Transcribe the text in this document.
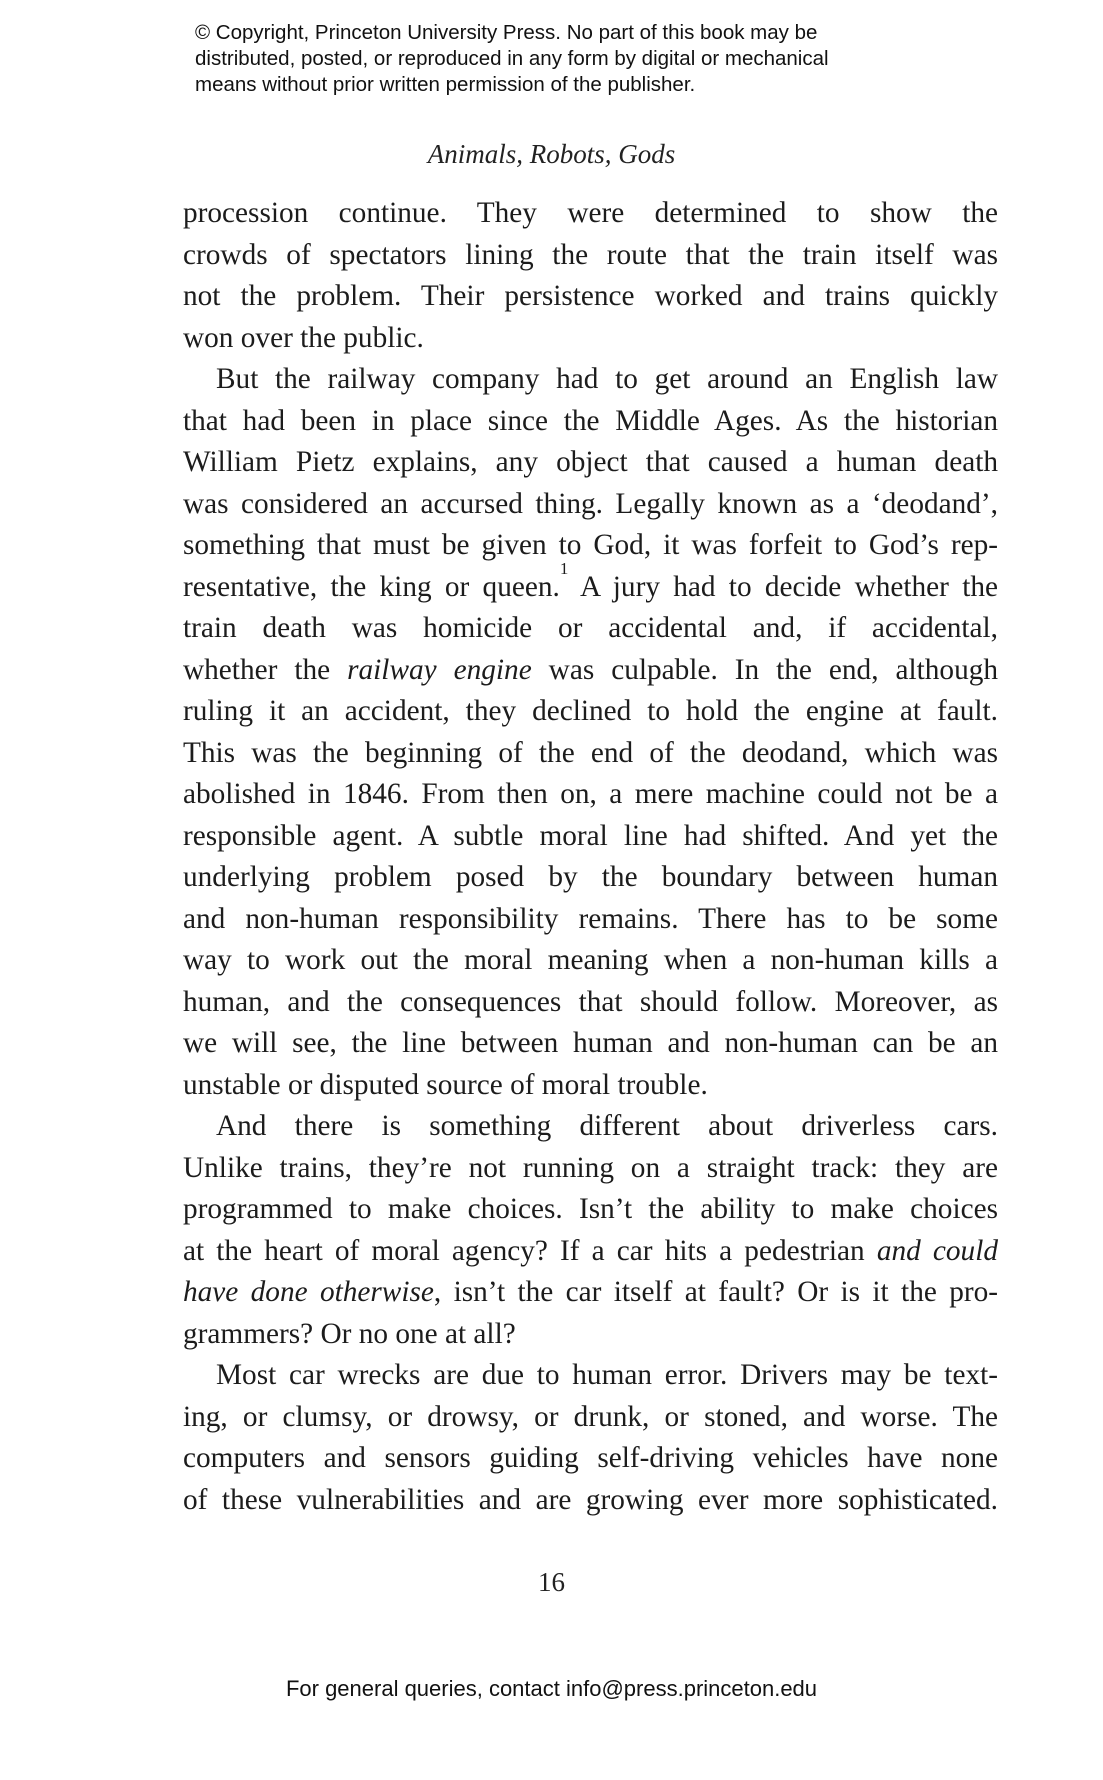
© Copyright, Princeton University Press. No part of this book may be
distributed, posted, or reproduced in any form by digital or mechanical
means without prior written permission of the publisher.
Animals, Robots, Gods
procession continue. They were determined to show the
crowds of spectators lining the route that the train itself was
not the problem. Their persistence worked and trains quickly
won over the public.
But the railway company had to get around an English law
that had been in place since the Middle Ages. As the historian
William Pietz explains, any object that caused a human death
was considered an accursed thing. Legally known as a ‘deodand’,
something that must be given to God, it was forfeit to God’s rep-
resentative, the king or queen.$^1$ A jury had to decide whether the
train death was homicide or accidental and, if accidental,
whether the railway engine was culpable. In the end, although
ruling it an accident, they declined to hold the engine at fault.
This was the beginning of the end of the deodand, which was
abolished in 1846. From then on, a mere machine could not be a
responsible agent. A subtle moral line had shifted. And yet the
underlying problem posed by the boundary between human
and non-human responsibility remains. There has to be some
way to work out the moral meaning when a non-human kills a
human, and the consequences that should follow. Moreover, as
we will see, the line between human and non-human can be an
unstable or disputed source of moral trouble.
And there is something different about driverless cars.
Unlike trains, they’re not running on a straight track: they are
programmed to make choices. Isn’t the ability to make choices
at the heart of moral agency? If a car hits a pedestrian and could
have done otherwise, isn’t the car itself at fault? Or is it the pro-
grammers? Or no one at all?
Most car wrecks are due to human error. Drivers may be text-
ing, or clumsy, or drowsy, or drunk, or stoned, and worse. The
computers and sensors guiding self-driving vehicles have none
of these vulnerabilities and are growing ever more sophisticated.
16
For general queries, contact info@press.princeton.edu
